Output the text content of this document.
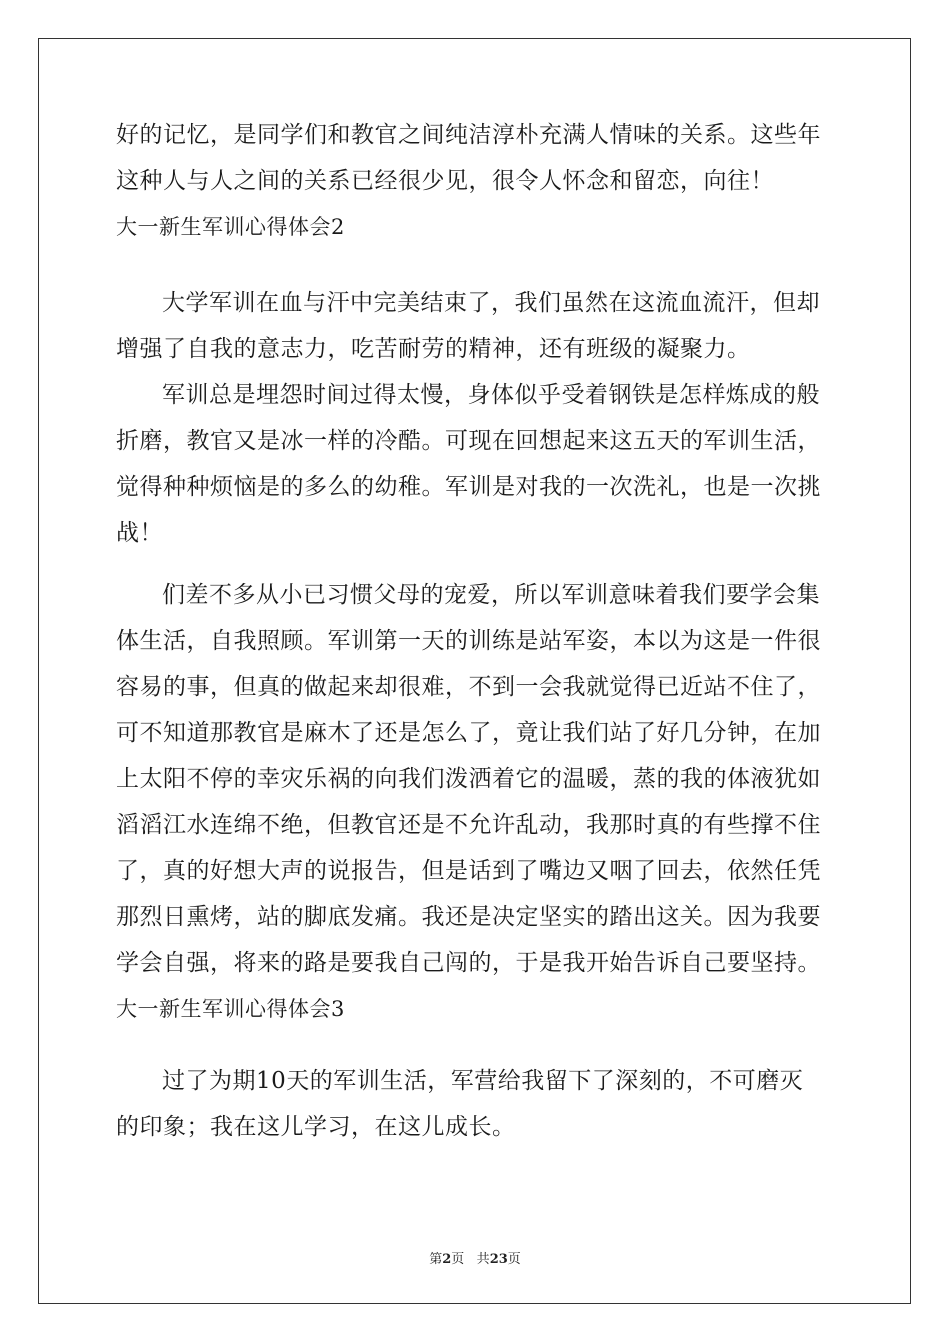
好的记忆，是同学们和教官之间纯洁淳朴充满人情味的关系。这些年
这种人与人之间的关系已经很少见，很令人怀念和留恋，向往！
大一新生军训心得体会2
大学军训在血与汗中完美结束了，我们虽然在这流血流汗，但却
增强了自我的意志力，吃苦耐劳的精神，还有班级的凝聚力。
军训总是埋怨时间过得太慢，身体似乎受着钢铁是怎样炼成的般
折磨，教官又是冰一样的冷酷。可现在回想起来这五天的军训生活，
觉得种种烦恼是的多么的幼稚。军训是对我的一次洗礼，也是一次挑
战！
们差不多从小已习惯父母的宠爱，所以军训意味着我们要学会集
体生活，自我照顾。军训第一天的训练是站军姿，本以为这是一件很
容易的事，但真的做起来却很难，不到一会我就觉得已近站不住了，
可不知道那教官是麻木了还是怎么了，竟让我们站了好几分钟，在加
上太阳不停的幸灾乐祸的向我们泼洒着它的温暖，蒸的我的体液犹如
滔滔江水连绵不绝，但教官还是不允许乱动，我那时真的有些撑不住
了，真的好想大声的说报告，但是话到了嘴边又咽了回去，依然任凭
那烈日熏烤，站的脚底发痛。我还是决定坚实的踏出这关。因为我要
学会自强，将来的路是要我自己闯的，于是我开始告诉自己要坚持。
大一新生军训心得体会3
过了为期10天的军训生活，军营给我留下了深刻的，不可磨灭
的印象；我在这儿学习，在这儿成长。
第2页 共23页
